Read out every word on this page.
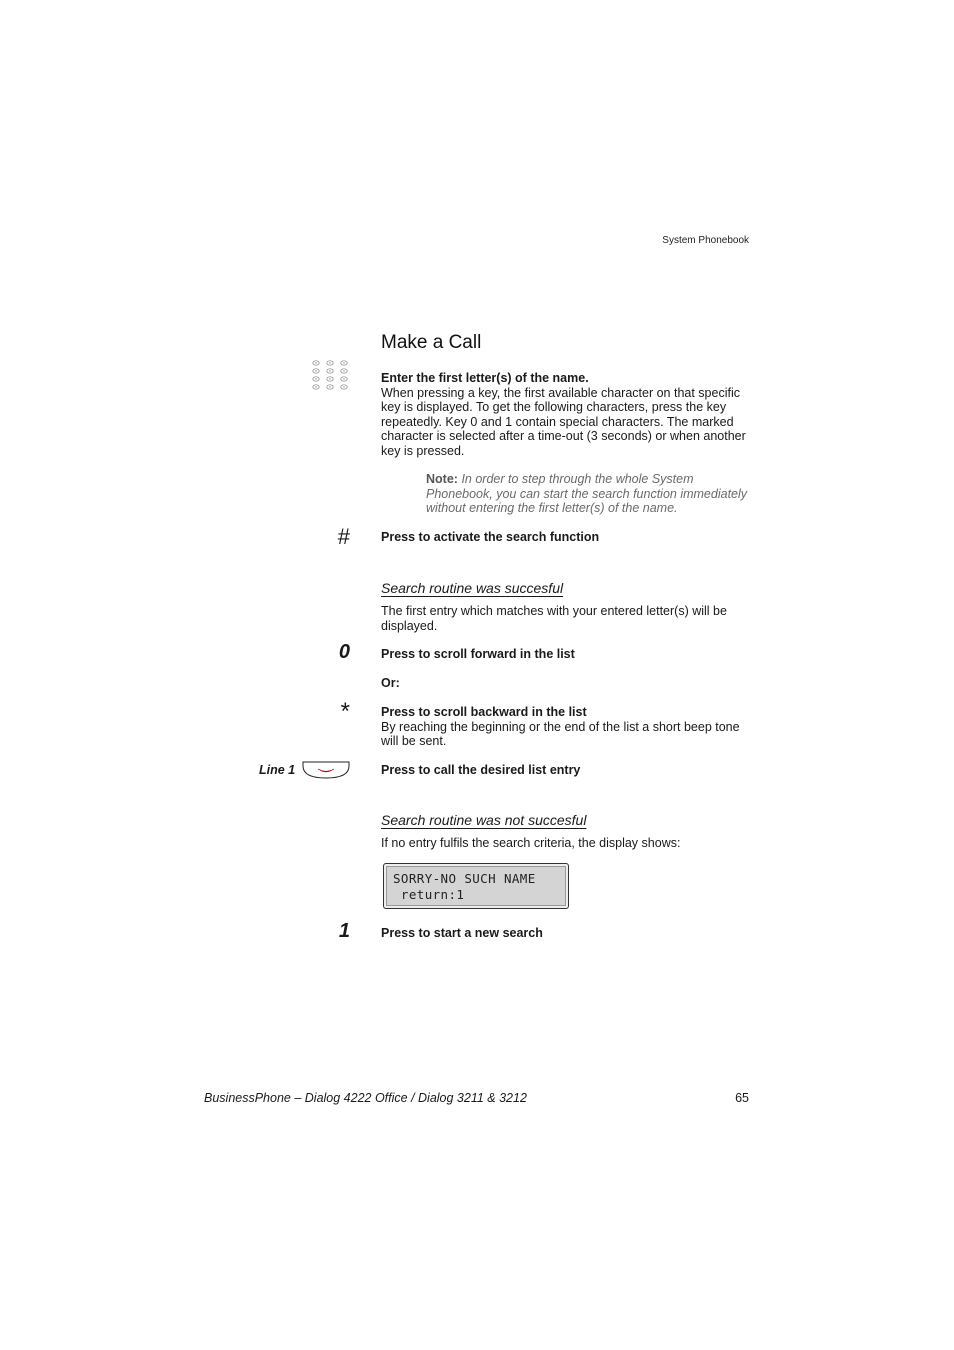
System Phonebook
Make a Call
Enter the first letter(s) of the name.
When pressing a key, the first available character on that specific
key is displayed. To get the following characters, press the key
repeatedly. Key 0 and 1 contain special characters. The marked
character is selected after a time-out (3 seconds) or when another
key is pressed.
Note: In order to step through the whole System
Phonebook, you can start the search function immediately
without entering the first letter(s) of the name.
# Press to activate the search function
Search routine was succesful
The first entry which matches with your entered letter(s) will be
displayed.
0 Press to scroll forward in the list
Or:
* Press to scroll backward in the list
By reaching the beginning or the end of the list a short beep tone
will be sent.
Line 1	Press to call the desired list entry
Search routine was not succesful
If no entry fulfils the search criteria, the display shows:
SORRY-NO SUCH NAME
return:1
1 Press to start a new search
BusinessPhone – Dialog 4222 Office / Dialog 3211 & 3212	65
